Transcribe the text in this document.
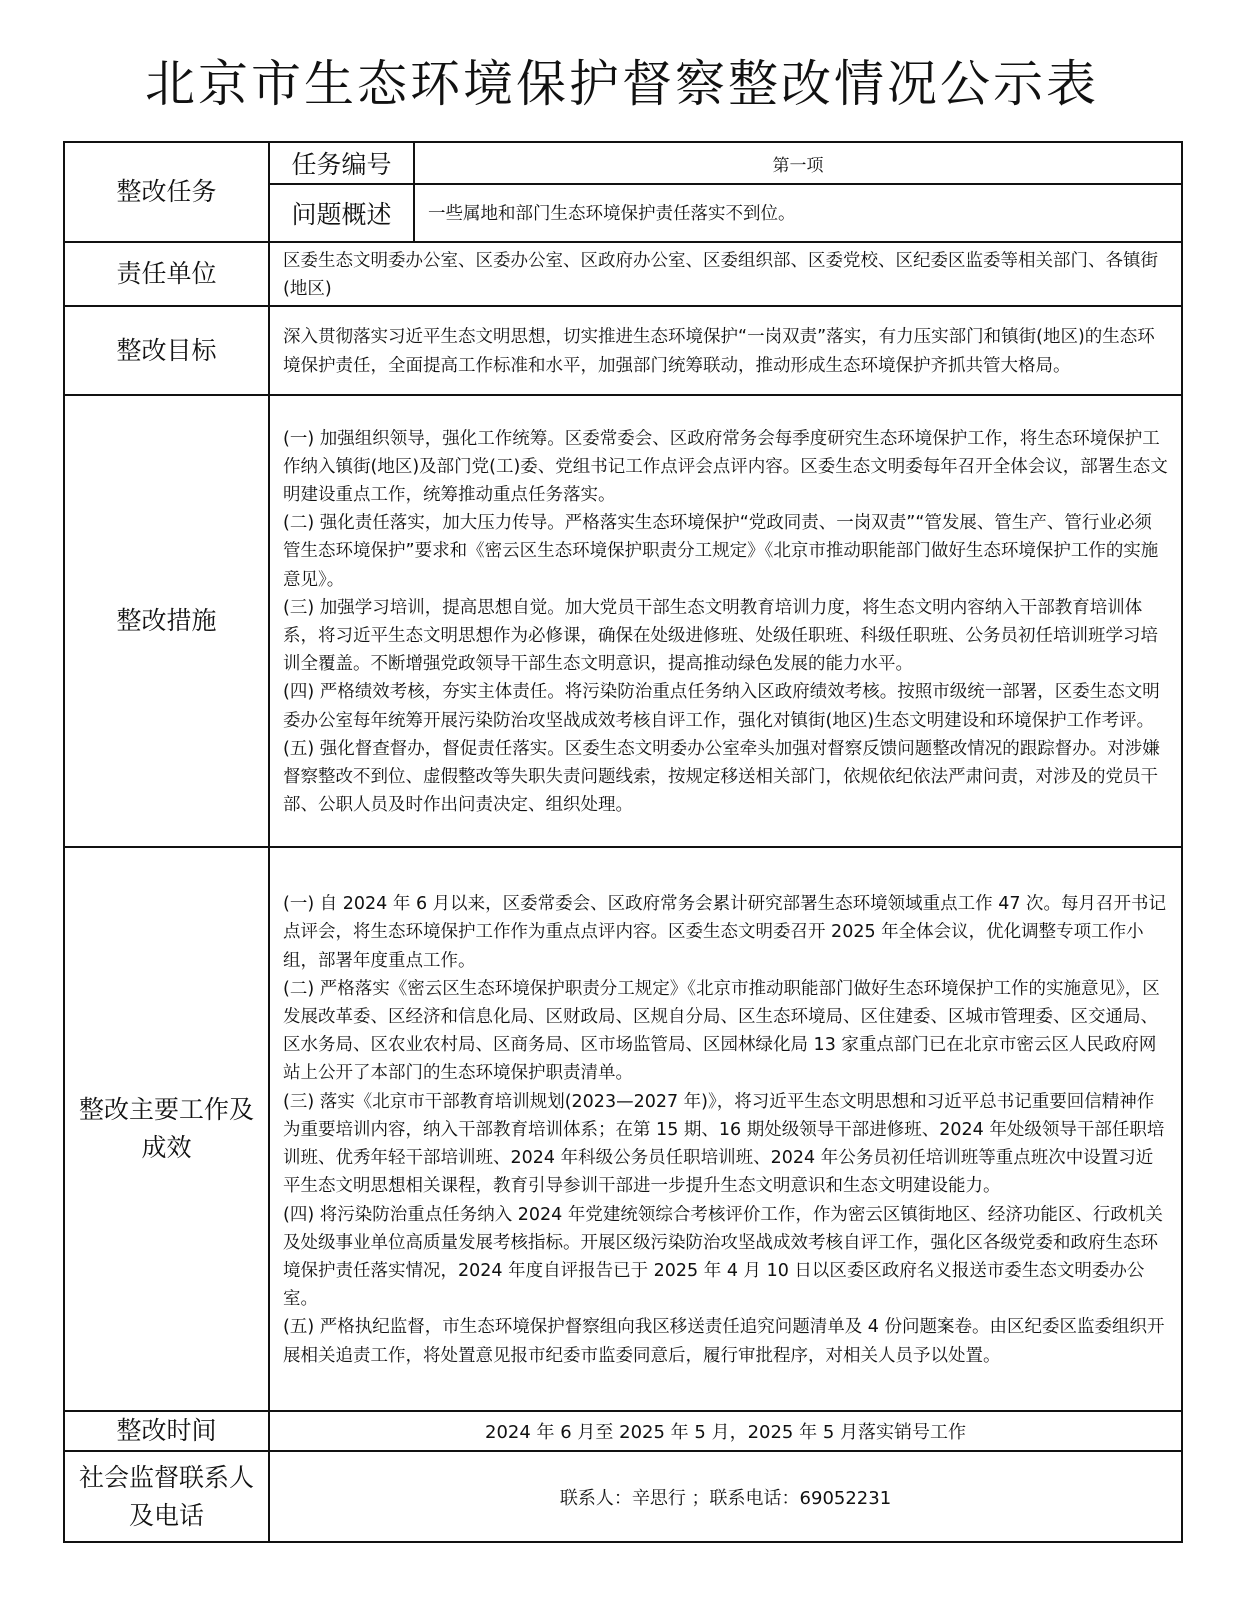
北京市生态环境保护督察整改情况公示表
整改任务	任务编号	第一项
	问题概述	一些属地和部门生态环境保护责任落实不到位。
责任单位	区委生态文明委办公室、区委办公室、区政府办公室、区委组织部、区委党校、区纪委区监委等相关部门、各镇街(地区)	
整改目标	深入贯彻落实习近平生态文明思想，切实推进生态环境保护“一岗双责”落实，有力压实部门和镇街(地区)的生态环境保护责任，全面提高工作标准和水平，加强部门统筹联动，推动形成生态环境保护齐抓共管大格局。	
整改措施	(一) 加强组织领导，强化工作统筹。区委常委会、区政府常务会每季度研究生态环境保护工作，将生态环境保护工作纳入镇街(地区)及部门党(工)委、党组书记工作点评会点评内容。区委生态文明委每年召开全体会议，部署生态文明建设重点工作，统筹推动重点任务落实。
(二) 强化责任落实，加大压力传导。严格落实生态环境保护“党政同责、一岗双责”“管发展、管生产、管行业必须管生态环境保护”要求和《密云区生态环境保护职责分工规定》《北京市推动职能部门做好生态环境保护工作的实施意见》。
(三) 加强学习培训，提高思想自觉。加大党员干部生态文明教育培训力度，将生态文明内容纳入干部教育培训体系，将习近平生态文明思想作为必修课，确保在处级进修班、处级任职班、科级任职班、公务员初任培训班学习培训全覆盖。不断增强党政领导干部生态文明意识，提高推动绿色发展的能力水平。
(四) 严格绩效考核，夯实主体责任。将污染防治重点任务纳入区政府绩效考核。按照市级统一部署，区委生态文明委办公室每年统筹开展污染防治攻坚战成效考核自评工作，强化对镇街(地区)生态文明建设和环境保护工作考评。
(五) 强化督查督办，督促责任落实。区委生态文明委办公室牵头加强对督察反馈问题整改情况的跟踪督办。对涉嫌督察整改不到位、虚假整改等失职失责问题线索，按规定移送相关部门，依规依纪依法严肃问责，对涉及的党员干部、公职人员及时作出问责决定、组织处理。	

整改主要工作及成效	(一) 自 2024 年 6 月以来，区委常委会、区政府常务会累计研究部署生态环境领域重点工作 47 次。每月召开书记点评会，将生态环境保护工作作为重点点评内容。区委生态文明委召开 2025 年全体会议，优化调整专项工作小组，部署年度重点工作。
(二) 严格落实《密云区生态环境保护职责分工规定》《北京市推动职能部门做好生态环境保护工作的实施意见》，区发展改革委、区经济和信息化局、区财政局、区规自分局、区生态环境局、区住建委、区城市管理委、区交通局、区水务局、区农业农村局、区商务局、区市场监管局、区园林绿化局 13 家重点部门已在北京市密云区人民政府网站上公开了本部门的生态环境保护职责清单。
(三) 落实《北京市干部教育培训规划(2023—2027 年)》，将习近平生态文明思想和习近平总书记重要回信精神作为重要培训内容，纳入干部教育培训体系；在第 15 期、16 期处级领导干部进修班、2024 年处级领导干部任职培训班、优秀年轻干部培训班、2024 年科级公务员任职培训班、2024 年公务员初任培训班等重点班次中设置习近平生态文明思想相关课程，教育引导参训干部进一步提升生态文明意识和生态文明建设能力。
(四) 将污染防治重点任务纳入 2024 年党建统领综合考核评价工作，作为密云区镇街地区、经济功能区、行政机关及处级事业单位高质量发展考核指标。开展区级污染防治攻坚战成效考核自评工作，强化区各级党委和政府生态环境保护责任落实情况，2024 年度自评报告已于 2025 年 4 月 10 日以区委区政府名义报送市委生态文明委办公室。
(五) 严格执纪监督，市生态环境保护督察组向我区移送责任追究问题清单及 4 份问题案卷。由区纪委区监委组织开展相关追责工作，将处置意见报市纪委市监委同意后，履行审批程序，对相关人员予以处置。	

整改时间	2024 年 6 月至 2025 年 5 月，2025 年 5 月落实销号工作	
社会监督联系人及电话	联系人：辛思行 ；联系电话：69052231	
